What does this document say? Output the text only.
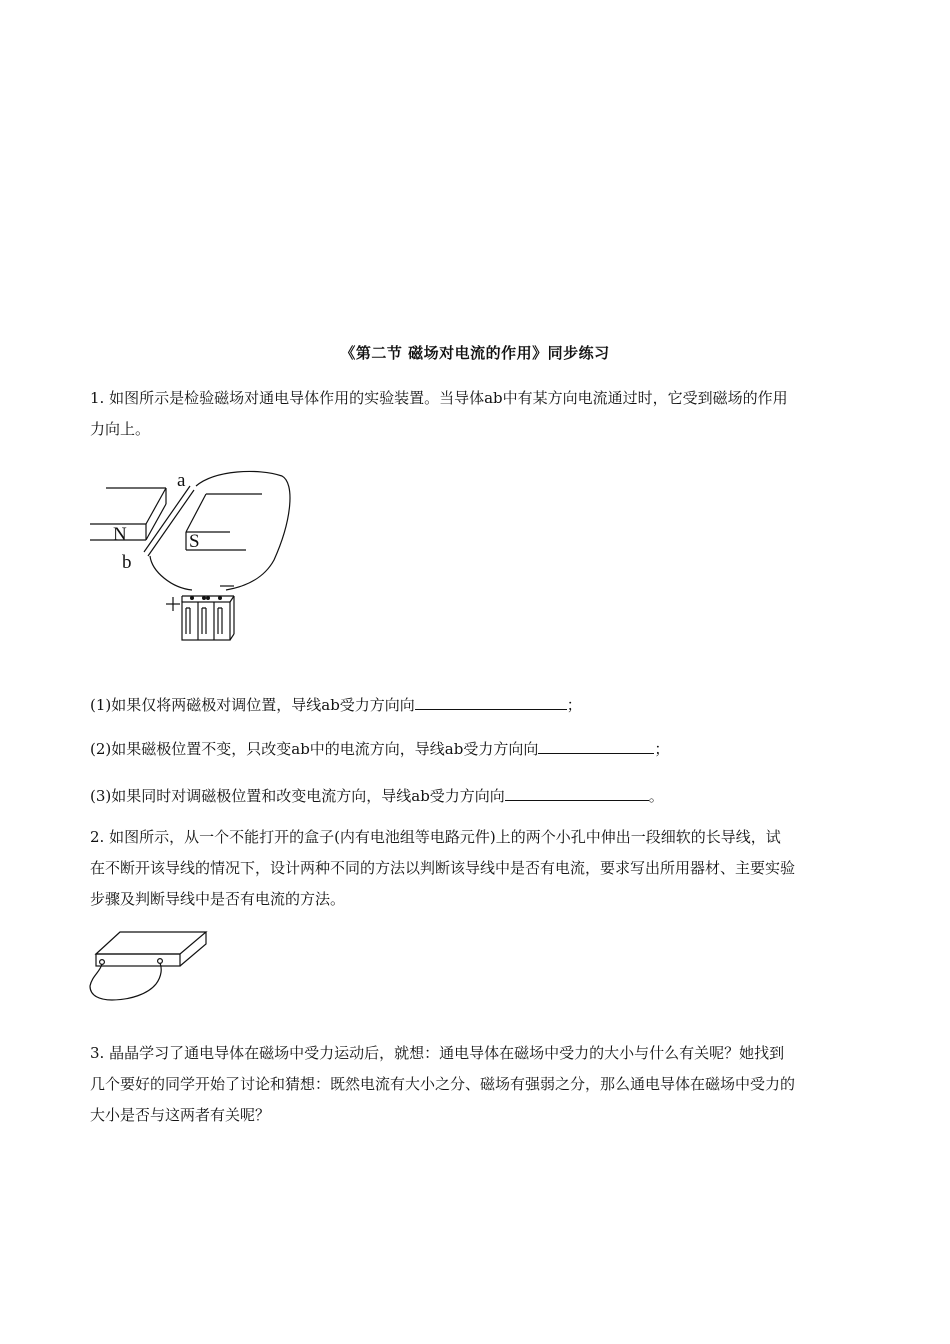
《第二节 磁场对电流的作用》同步练习
1. 如图所示是检验磁场对通电导体作用的实验装置。当导体ab中有某方向电流通过时，它受到磁场的作用
力向上。
a
b
N	S
(1)如果仅将两磁极对调位置，导线ab受力方向向	；
(2)如果磁极位置不变，只改变ab中的电流方向，导线ab受力方向向	；
(3)如果同时对调磁极位置和改变电流方向，导线ab受力方向向	。
2. 如图所示，从一个不能打开的盒子(内有电池组等电路元件)上的两个小孔中伸出一段细软的长导线，试
在不断开该导线的情况下，设计两种不同的方法以判断该导线中是否有电流，要求写出所用器材、主要实验
步骤及判断导线中是否有电流的方法。
3. 晶晶学习了通电导体在磁场中受力运动后，就想：通电导体在磁场中受力的大小与什么有关呢？她找到
几个要好的同学开始了讨论和猜想：既然电流有大小之分、磁场有强弱之分，那么通电导体在磁场中受力的
大小是否与这两者有关呢？
